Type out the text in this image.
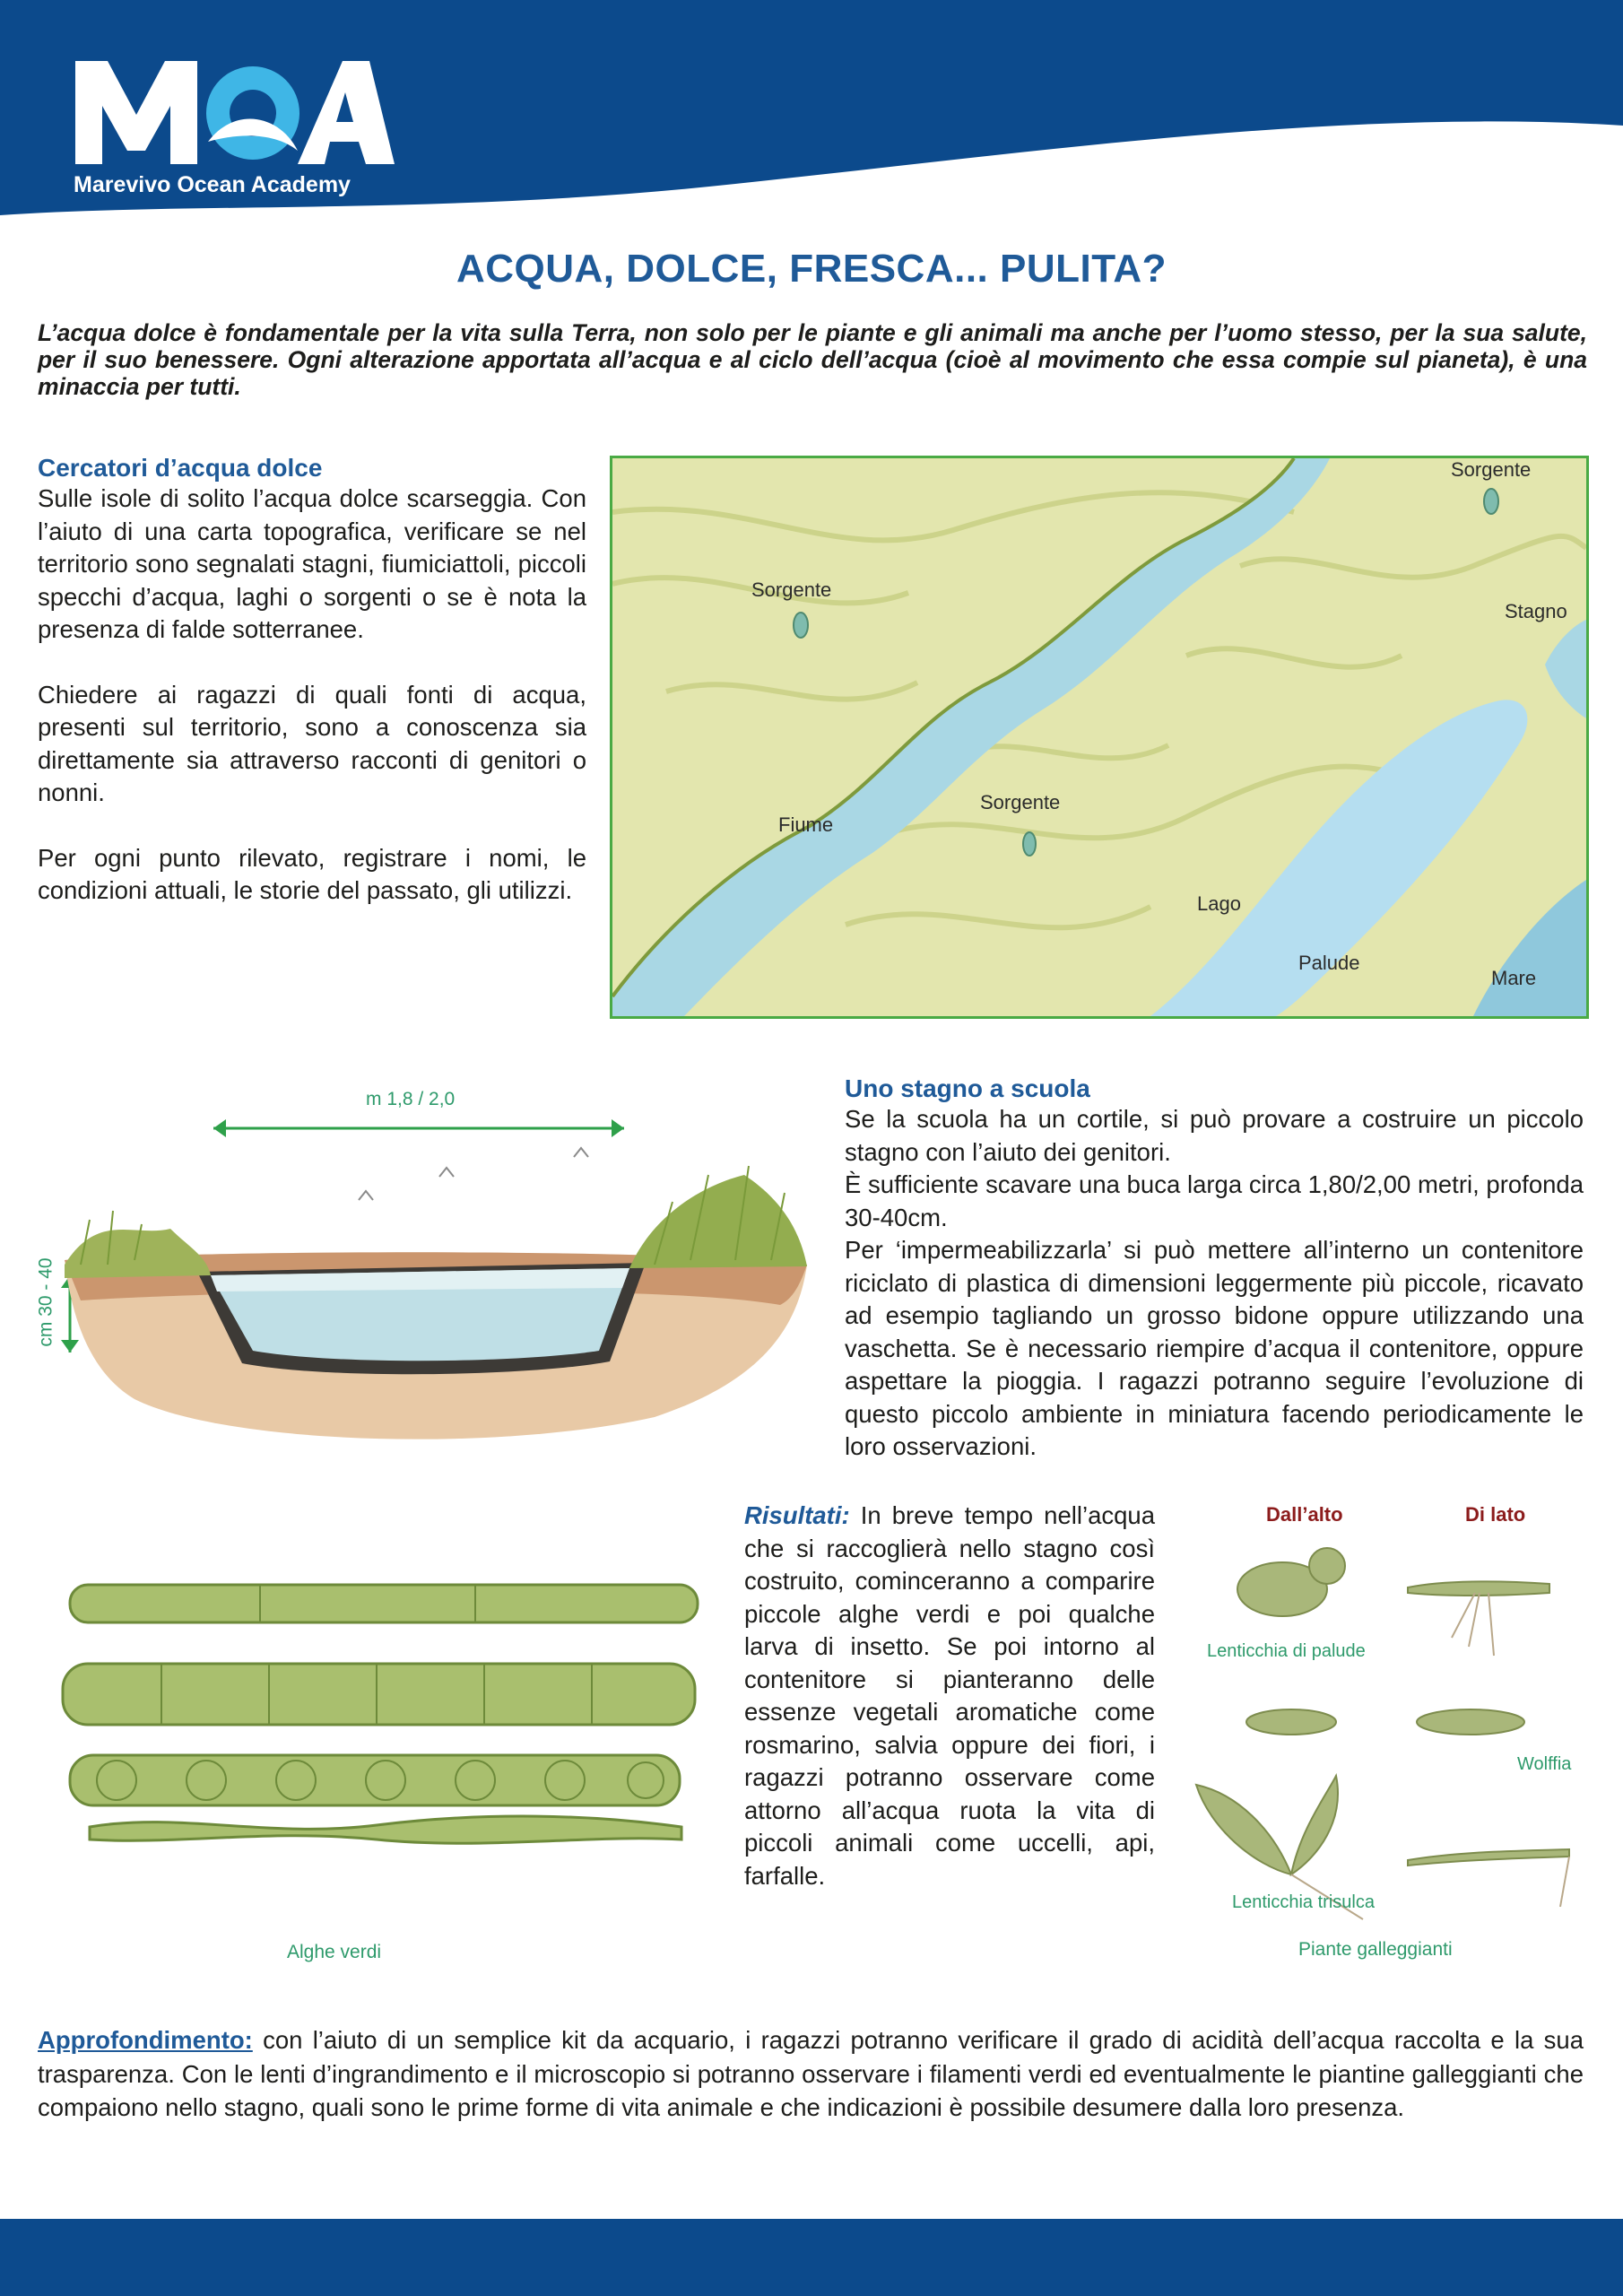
Marevivo Ocean Academy
ACQUA, DOLCE, FRESCA... PULITA?
L’acqua dolce è fondamentale per la vita sulla Terra, non solo per le piante e gli animali ma anche per l’uomo stesso, per la sua salute, per il suo benessere. Ogni alterazione apportata all’acqua e al ciclo dell’acqua (cioè al movimento che essa compie sul pianeta), è una minaccia per tutti.
Cercatori d’acqua dolce

Sulle isole di solito l’acqua dolce scarseggia. Con l’aiuto di una carta topografica, verificare se nel territorio sono segnalati stagni, fiumiciattoli, piccoli specchi d’acqua, laghi o sorgenti o se è nota la presenza di falde sotterranee.

Chiedere ai ragazzi di quali fonti di acqua, presenti sul territorio, sono a conoscenza sia direttamente sia attraverso racconti di genitori o nonni.

Per ogni punto rilevato, registrare i nomi, le condizioni attuali, le storie del passato, gli utilizzi.

Sorgente
Sorgente
Stagno
Fiume
Sorgente
Lago
Palude
Mare
m 1,8 / 2,0
cm 30 - 40
Uno stagno a scuola

Se la scuola ha un cortile, si può provare a costruire un piccolo stagno con l’aiuto dei genitori.

È sufficiente scavare una buca larga circa 1,80/2,00 metri, profonda 30-40cm.

Per ‘impermeabilizzarla’ si può mettere all’interno un contenitore riciclato di plastica di dimensioni leggermente più piccole, ricavato ad esempio tagliando un grosso bidone oppure utilizzando una vaschetta. Se è necessario riempire d’acqua il contenitore, oppure aspettare la pioggia. I ragazzi potranno seguire l’evoluzione di questo piccolo ambiente in miniatura facendo periodicamente le loro osservazioni.

Alghe verdi
Risultati: In breve tempo nell’acqua che si raccoglierà nello stagno così costruito, cominceranno a comparire piccole alghe verdi e poi qualche larva di insetto. Se poi intorno al contenitore si pianteranno delle essenze vegetali aromatiche come rosmarino, salvia oppure dei fiori, i ragazzi potranno osservare come attorno all’acqua ruota la vita di piccoli animali come uccelli, api, farfalle.
Dall’alto	Di lato
Lenticchia di palude
Wolffia
Lenticchia trisulca
Piante galleggianti
Approfondimento: con l’aiuto di un semplice kit da acquario, i ragazzi potranno verificare il grado di acidità dell’acqua raccolta e la sua trasparenza. Con le lenti d’ingrandimento e il microscopio si potranno osservare i filamenti verdi ed eventualmente le piantine galleggianti che compaiono nello stagno, quali sono le prime forme di vita animale e che indicazioni è possibile desumere dalla loro presenza.
